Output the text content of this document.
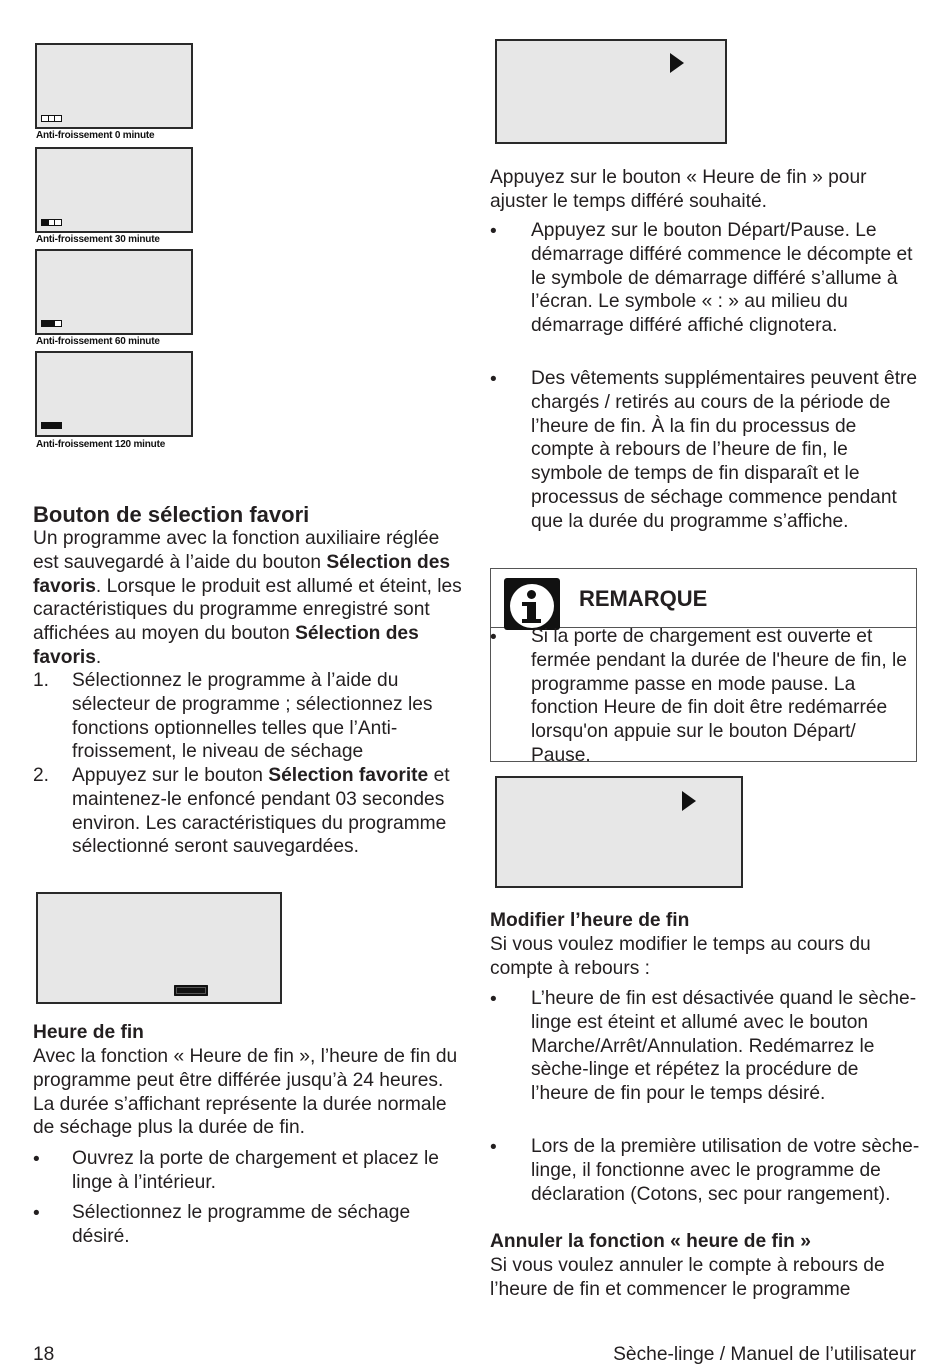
Anti-froissement 0 minute
Anti-froissement 30 minute
Anti-froissement 60 minute
Anti-froissement 120 minute
Bouton de sélection favori

Un programme avec la fonction auxiliaire réglée est sauvegardé à l’aide du bouton Sélection des favoris. Lorsque le produit est allumé et éteint, les caractéristiques du programme enregistré sont affichées au moyen du bouton Sélection des favoris.

1. Sélectionnez le programme à l’aide du sélecteur de programme ; sélectionnez les fonctions optionnelles telles que l’Anti-froissement, le niveau de séchage

2. Appuyez sur le bouton Sélection favorite et maintenez-le enfoncé pendant 03 secondes environ. Les caractéristiques du programme sélectionné seront sauvegardées.

Heure de fin

Avec la fonction « Heure de fin », l’heure de fin du programme peut être différée jusqu’à 24 heures. La durée s’affichant représente la durée normale de séchage plus la durée de fin.

• Ouvrez la porte de chargement et placez le linge à l’intérieur.

• Sélectionnez le programme de séchage désiré.

Appuyez sur le bouton « Heure de fin » pour ajuster le temps différé souhaité.

• Appuyez sur le bouton Départ/Pause. Le démarrage différé commence le décompte et le symbole de démarrage différé s’allume à l’écran. Le symbole « : » au milieu du démarrage différé affiché clignotera.

• Des vêtements supplémentaires peuvent être chargés / retirés au cours de la période de l’heure de fin. À la fin du processus de compte à rebours de l’heure de fin, le symbole de temps de fin disparaît et le processus de séchage commence pendant que la durée du programme s’affiche.

REMARQUE
• Si la porte de chargement est ouverte et fermée pendant la durée de l'heure de fin, le programme passe en mode pause. La fonction Heure de fin doit être redémarrée lorsqu'on appuie sur le bouton Départ/ Pause.

Modifier l’heure de fin

Si vous voulez modifier le temps au cours du compte à rebours :

• L’heure de fin est désactivée quand le sèche-linge est éteint et allumé avec le bouton Marche/Arrêt/Annulation. Redémarrez le sèche-linge et répétez la procédure de l’heure de fin pour le temps désiré.

• Lors de la première utilisation de votre sèche-linge, il fonctionne avec le programme de déclaration (Cotons, sec pour rangement).

Annuler la fonction « heure de fin »

Si vous voulez annuler le compte à rebours de l’heure de fin et commencer le programme

18	Sèche-linge / Manuel de l’utilisateur
